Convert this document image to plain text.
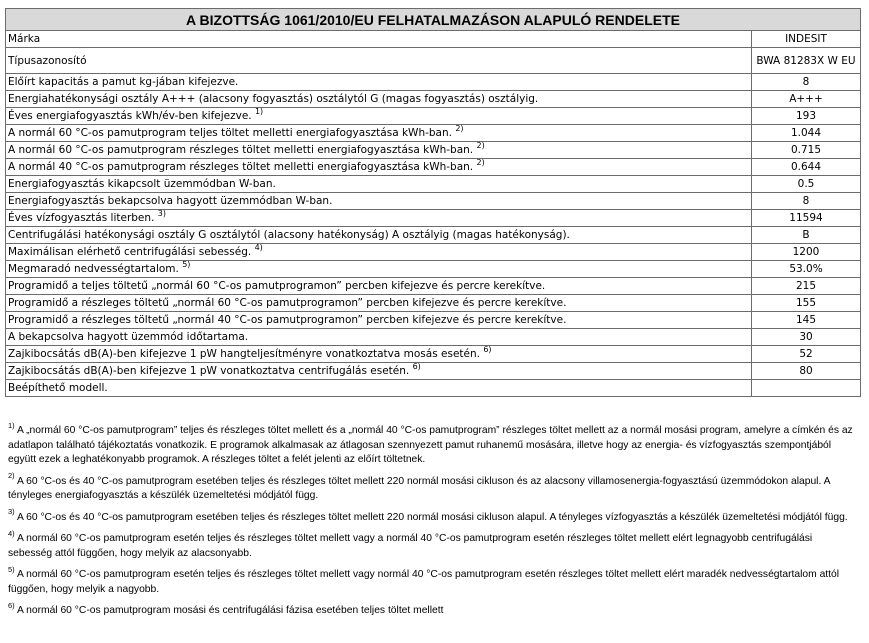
A BIZOTTSÁG 1061/2010/EU FELHATALMAZÁSON ALAPULÓ RENDELETE	
Márka	INDESIT
Típusazonosító	BWA 81283X W EU
Előírt kapacitás a pamut kg-jában kifejezve.	8
Energiahatékonysági osztály A+++ (alacsony fogyasztás) osztálytól G (magas fogyasztás) osztályig.	A+++
Éves energiafogyasztás kWh/év-ben kifejezve. $^{1)}$	193
A normál 60 °C-os pamutprogram teljes töltet melletti energiafogyasztása kWh-ban. $^{2)}$	1.044
A normál 60 °C-os pamutprogram részleges töltet melletti energiafogyasztása kWh-ban. $^{2)}$	0.715
A normál 40 °C-os pamutprogram részleges töltet melletti energiafogyasztása kWh-ban. $^{2)}$	0.644
Energiafogyasztás kikapcsolt üzemmódban W-ban.	0.5
Energiafogyasztás bekapcsolva hagyott üzemmódban W-ban.	8
Éves vízfogyasztás literben. $^{3)}$	11594
Centrifugálási hatékonysági osztály G osztálytól (alacsony hatékonyság) A osztályig (magas hatékonyság).	B
Maximálisan elérhető centrifugálási sebesség. $^{4)}$	1200
Megmaradó nedvességtartalom. $^{5)}$	53.0%
Programidő a teljes töltetű „normál 60 °C-os pamutprogramon” percben kifejezve és percre kerekítve.	215
Programidő a részleges töltetű „normál 60 °C-os pamutprogramon” percben kifejezve és percre kerekítve.	155
Programidő a részleges töltetű „normál 40 °C-os pamutprogramon” percben kifejezve és percre kerekítve.	145
A bekapcsolva hagyott üzemmód időtartama.	30
Zajkibocsátás dB(A)-ben kifejezve 1 pW hangteljesítményre vonatkoztatva mosás esetén. $^{6)}$	52
Zajkibocsátás dB(A)-ben kifejezve 1 pW vonatkoztatva centrifugálás esetén. $^{6)}$	80
Beépíthető modell.	
$^{1)}$ A „normál 60 °C-os pamutprogram” teljes és részleges töltet mellett és a „normál 40 °C-os pamutprogram” részleges töltet mellett az a normál mosási program, amelyre a címkén és az adatlapon található tájékoztatás vonatkozik. E programok alkalmasak az átlagosan szennyezett pamut ruhanemű mosására, illetve hogy az energia- és vízfogyasztás szempontjából együtt ezek a leghatékonyabb programok. A részleges töltet a felét jelenti az előírt töltetnek.
$^{2)}$ A 60 °C-os és 40 °C-os pamutprogram esetében teljes és részleges töltet mellett 220 normál mosási cikluson és az alacsony villamosenergia-fogyasztású üzemmódokon alapul. A tényleges energiafogyasztás a készülék üzemeltetési módjától függ.
$^{3)}$ A 60 °C-os és 40 °C-os pamutprogram esetében teljes és részleges töltet mellett 220 normál mosási cikluson alapul. A tényleges vízfogyasztás a készülék üzemeltetési módjától függ.
$^{4)}$ A normál 60 °C-os pamutprogram esetén teljes és részleges töltet mellett vagy a normál 40 °C-os pamutprogram esetén részleges töltet mellett elért legnagyobb centrifugálási sebesség attól függően, hogy melyik az alacsonyabb.
$^{5)}$ A normál 60 °C-os pamutprogram esetén teljes és részleges töltet mellett vagy normál 40 °C-os pamutprogram esetén részleges töltet mellett elért maradék nedvességtartalom attól függően, hogy melyik a nagyobb.
$^{6)}$ A normál 60 °C-os pamutprogram mosási és centrifugálási fázisa esetében teljes töltet mellett
